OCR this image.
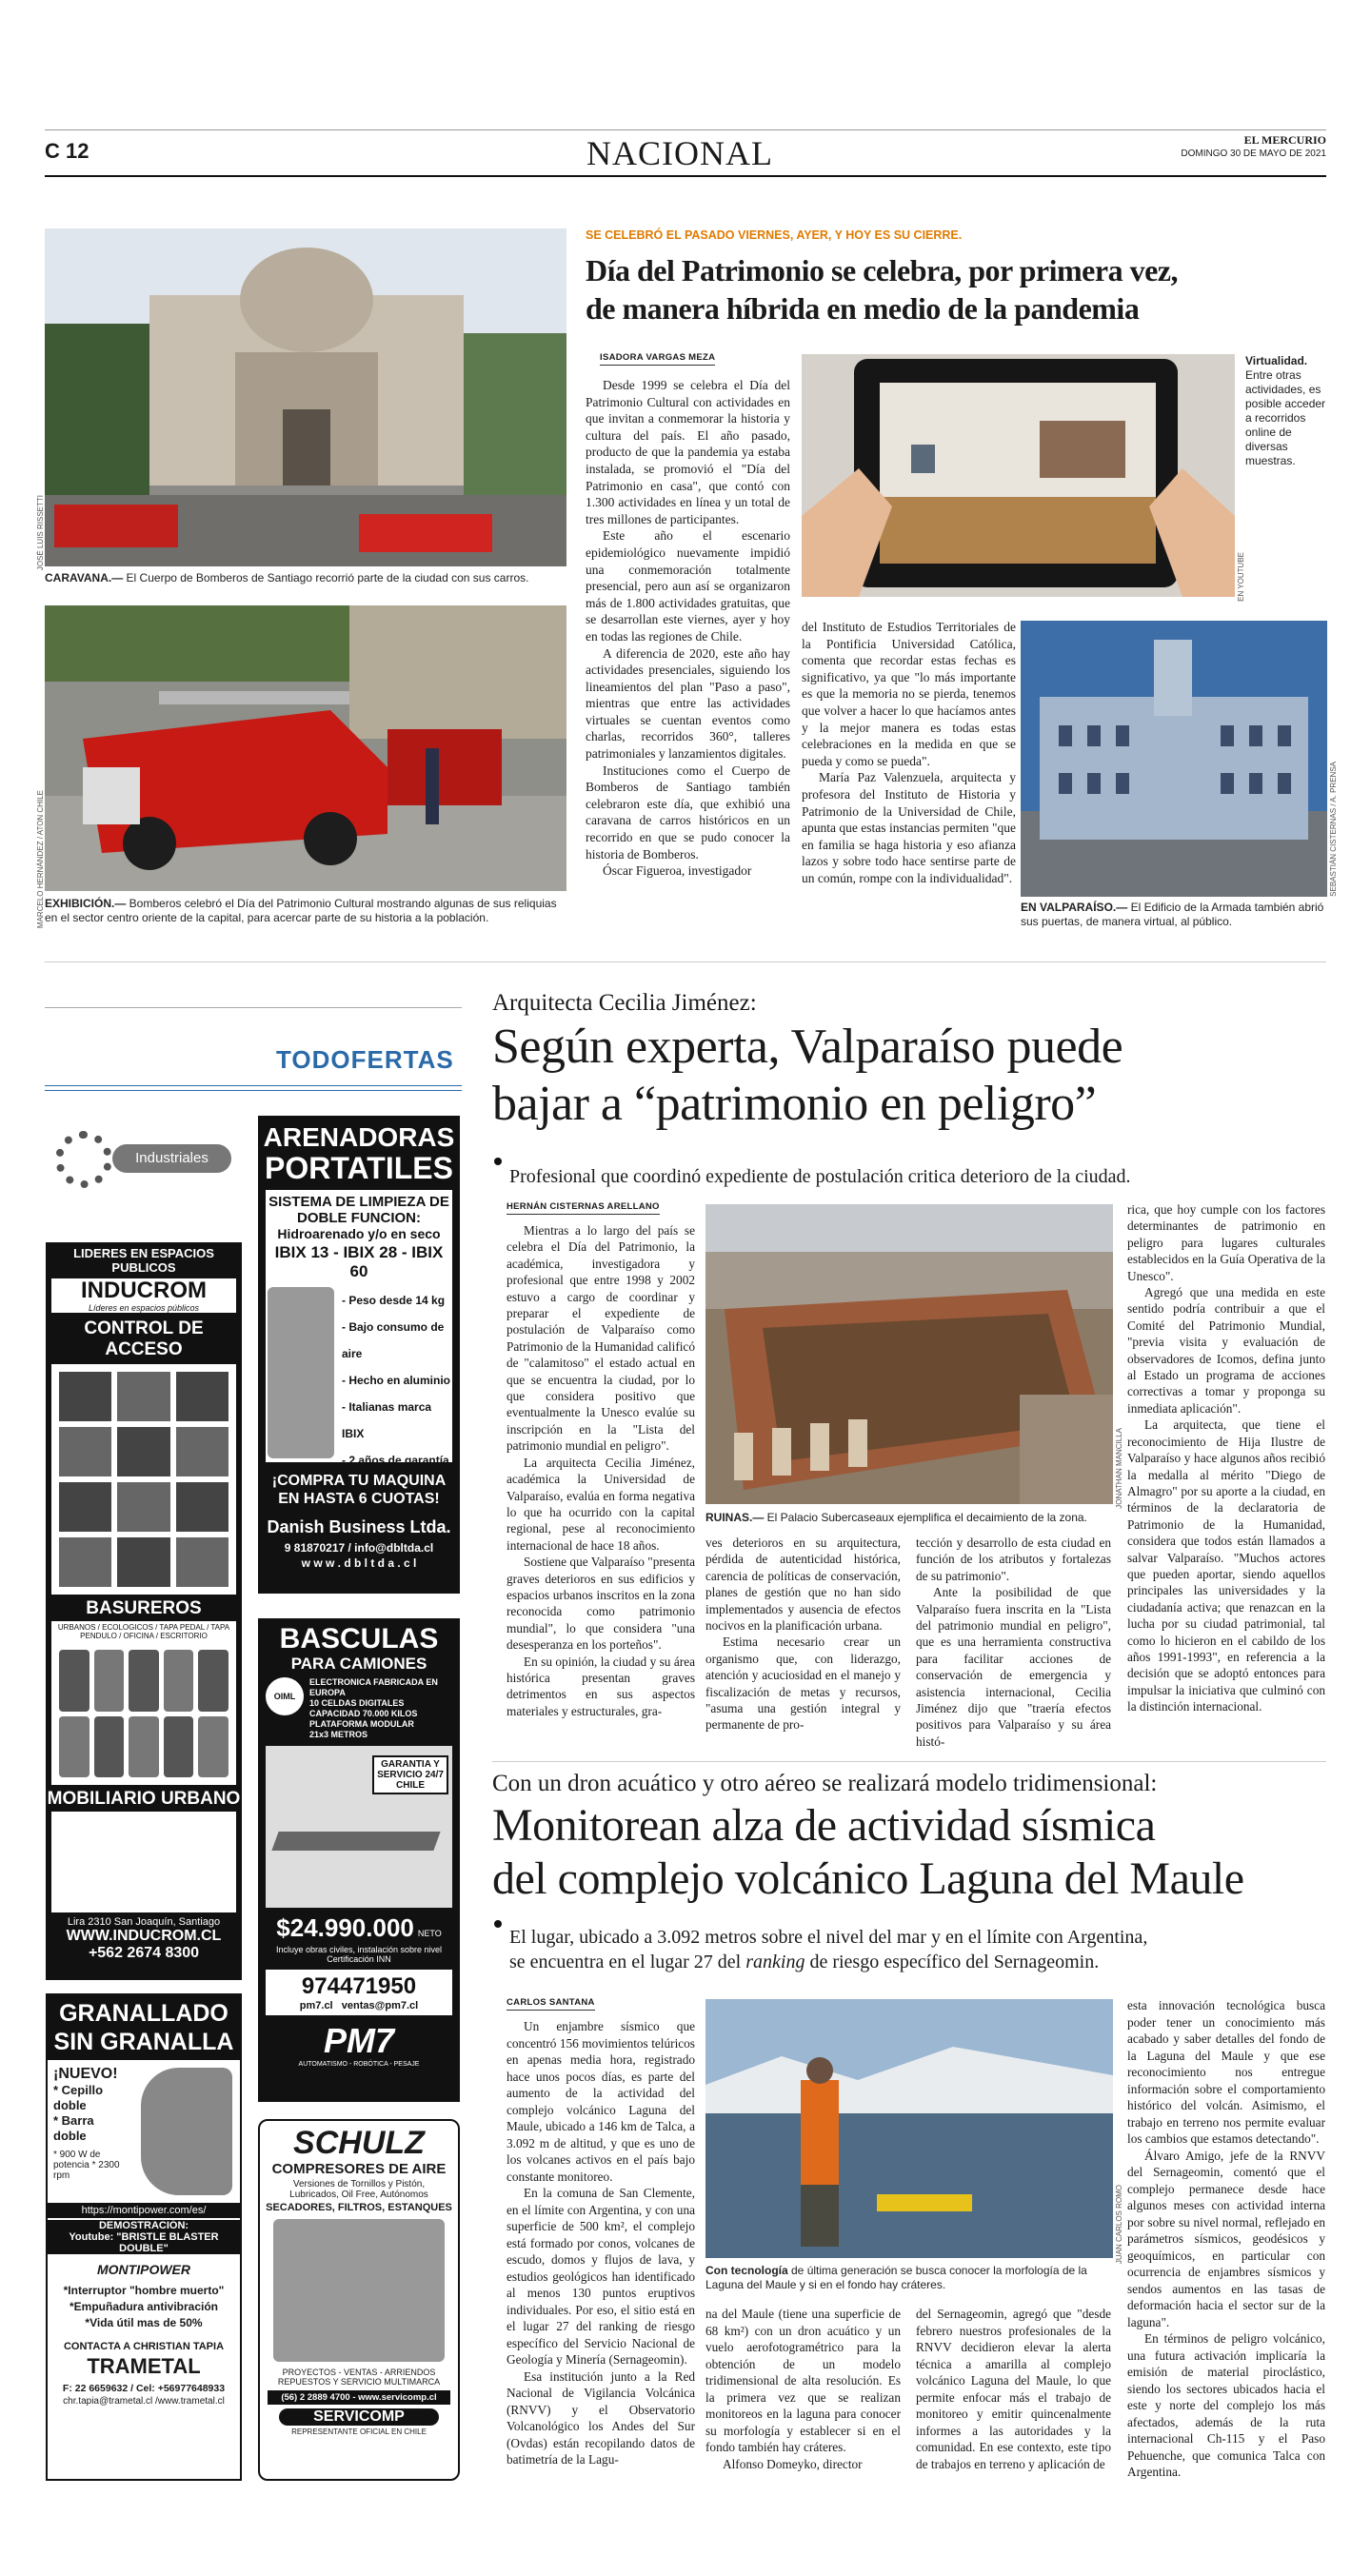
C 12	NACIONAL	EL MERCURIO
DOMINGO 30 DE MAYO DE 2021
JOSÉ LUIS RISSETTI
CARAVANA.— El Cuerpo de Bomberos de Santiago recorrió parte de la ciudad con sus carros.
MARCELO HERNÁNDEZ / ATON CHILE EXHIBICIÓN.— Bomberos celebró el Día del Patrimonio Cultural mostrando algunas de sus reliquias en el sector centro oriente de la capital, para acercar parte de su historia a la población.
SE CELEBRÓ EL PASADO VIERNES, AYER, Y HOY ES SU CIERRE.
Día del Patrimonio se celebra, por primera vez,
de manera híbrida en medio de la pandemia
ISADORA VARGAS MEZA

Desde 1999 se celebra el Día del Patrimonio Cultural con actividades en que invitan a conmemorar la historia y cultura del país. El año pasado, producto de que la pandemia ya estaba instalada, se promovió el "Día del Patrimonio en casa", que contó con 1.300 actividades en línea y un total de tres millones de participantes.

Este año el escenario epidemiológico nuevamente impidió una conmemoración totalmente presencial, pero aun así se organizaron más de 1.800 actividades gratuitas, que se desarrollan este viernes, ayer y hoy en todas las regiones de Chile.

A diferencia de 2020, este año hay actividades presenciales, siguiendo los lineamientos del plan "Paso a paso", mientras que entre las actividades virtuales se cuentan eventos como charlas, recorridos 360°, talleres patrimoniales y lanzamientos digitales.

Instituciones como el Cuerpo de Bomberos de Santiago también celebraron este día, que exhibió una caravana de carros históricos en un recorrido en que se pudo conocer la historia de Bomberos.

Óscar Figueroa, investigador

EN YOUTUBE
Virtualidad. Entre otras actividades, es posible acceder a recorridos online de diversas muestras.

del Instituto de Estudios Territoriales de la Pontificia Universidad Católica, comenta que recordar estas fechas es significativo, ya que "lo más importante es que la memoria no se pierda, tenemos que volver a hacer lo que hacíamos antes y la mejor manera es todas estas celebraciones en la medida en que se pueda y como se pueda".

María Paz Valenzuela, arquitecta y profesora del Instituto de Historia y Patrimonio de la Universidad de Chile, apunta que estas instancias permiten "que en familia se haga historia y eso afianza lazos y sobre todo hace sentirse parte de un común, rompe con la individualidad".	SEBASTIÁN CISTERNAS / A. PRENSA
EN VALPARAÍSO.— El Edificio de la Armada también abrió sus puertas, de manera virtual, al público.
TODOFERTAS
Industriales
LIDERES EN ESPACIOS PUBLICOS
INDUCROM
Líderes en espacios públicos
CONTROL DE ACCESO
BASUREROS
URBANOS / ECOLOGICOS / TAPA PEDAL / TAPA PENDULO / OFICINA / ESCRITORIO
MOBILIARIO URBANO
Lira 2310 San Joaquín, Santiago
WWW.INDUCROM.CL
+562 2674 8300
ARENADORAS
PORTATILES
SISTEMA DE LIMPIEZA DE DOBLE FUNCION:
Hidroarenado y/o en seco
IBIX 13 - IBIX 28 - IBIX 60
- Peso desde 14 kg
- Bajo consumo de aire
- Hecho en aluminio
- Italianas marca IBIX
- 2 años de garantía
¡COMPRA TU MAQUINA EN HASTA 6 CUOTAS!
Danish Business Ltda.
9 81870217 / info@dbltda.cl
w w w . d b l t d a . c l
BASCULAS
PARA CAMIONES
OIML
ELECTRONICA FABRICADA EN EUROPA
10 CELDAS DIGITALES
CAPACIDAD 70.000 KILOS
PLATAFORMA MODULAR
21x3 METROS
GARANTIA Y SERVICIO 24/7 CHILE
$24.990.000 NETO
Incluye obras civiles, instalación sobre nivel Certificación INN
974471950
pm7.cl ventas@pm7.cl
PM7
AUTOMATISMO - ROBÓTICA - PESAJE
GRANALLADO
SIN GRANALLA
¡NUEVO!
* Cepillo doble
* Barra doble
* 900 W de potencia * 2300 rpm
https://montipower.com/es/
DEMOSTRACIÓN:
Youtube: "BRISTLE BLASTER DOUBLE"
MONTIPOWER
*Interruptor "hombre muerto"
*Empuñadura antivibración
*Vida útil mas de 50%
CONTACTA A CHRISTIAN TAPIA
TRAMETAL
F: 22 6659632 / Cel: +56977648933
chr.tapia@trametal.cl /www.trametal.cl
SCHULZ
COMPRESORES DE AIRE
Versiones de Tornillos y Pistón, Lubricados, Oil Free, Autónomos
SECADORES, FILTROS, ESTANQUES
PROYECTOS - VENTAS - ARRIENDOS REPUESTOS Y SERVICIO MULTIMARCA
(56) 2 2889 4700 - www.servicomp.cl
SERVICOMP
REPRESENTANTE OFICIAL EN CHILE
Arquitecta Cecilia Jiménez:
Según experta, Valparaíso puede
bajar a “patrimonio en peligro”
Profesional que coordinó expediente de postulación critica deterioro de la ciudad.
HERNÁN CISTERNAS ARELLANO

Mientras a lo largo del país se celebra el Día del Patrimonio, la académica, investigadora y profesional que entre 1998 y 2002 estuvo a cargo de coordinar y preparar el expediente de postulación de Valparaíso como Patrimonio de la Humanidad calificó de "calamitoso" el estado actual en que se encuentra la ciudad, por lo que considera positivo que eventualmente la Unesco evalúe su inscripción en la "Lista del patrimonio mundial en peligro".

La arquitecta Cecilia Jiménez, académica la Universidad de Valparaíso, evalúa en forma negativa lo que ha ocurrido con la capital regional, pese al reconocimiento internacional de hace 18 años.

Sostiene que Valparaíso "presenta graves deterioros en sus edificios y espacios urbanos inscritos en la zona reconocida como patrimonio mundial", lo que considera "una desesperanza en los porteños".

En su opinión, la ciudad y su área histórica presentan graves detrimentos en sus aspectos materiales y estructurales, gra-

JONATHAN MANCILLA
RUINAS.— El Palacio Subercaseaux ejemplifica el decaimiento de la zona.

ves deterioros en su arquitectura, pérdida de autenticidad histórica, carencia de políticas de conservación, planes de gestión que no han sido implementados y ausencia de efectos nocivos en la planificación urbana.

Estima necesario crear un organismo que, con liderazgo, atención y acuciosidad en el manejo y fiscalización de metas y recursos, "asuma una gestión integral y permanente de pro-

tección y desarrollo de esta ciudad en función de los atributos y fortalezas de su patrimonio".

Ante la posibilidad de que Valparaíso fuera inscrita en la "Lista del patrimonio mundial en peligro", que es una herramienta constructiva para facilitar acciones de conservación de emergencia y asistencia internacional, Cecilia Jiménez dijo que "traería efectos positivos para Valparaíso y su área histó-

rica, que hoy cumple con los factores determinantes de patrimonio en peligro para lugares culturales establecidos en la Guía Operativa de la Unesco".

Agregó que una medida en este sentido podría contribuir a que el Comité del Patrimonio Mundial, "previa visita y evaluación de observadores de Icomos, defina junto al Estado un programa de acciones correctivas a tomar y proponga su inmediata aplicación".

La arquitecta, que tiene el reconocimiento de Hija Ilustre de Valparaíso y hace algunos años recibió la medalla al mérito "Diego de Almagro" por su aporte a la ciudad, en términos de la declaratoria de Patrimonio de la Humanidad, considera que todos están llamados a salvar Valparaíso. "Muchos actores que pueden aportar, siendo aquellos principales las universidades y la ciudadanía activa; que renazcan en la lucha por su ciudad patrimonial, tal como lo hicieron en el cabildo de los años 1991-1993", en referencia a la decisión que se adoptó entonces para impulsar la iniciativa que culminó con la distinción internacional.

Con un dron acuático y otro aéreo se realizará modelo tridimensional:
Monitorean alza de actividad sísmica
del complejo volcánico Laguna del Maule
El lugar, ubicado a 3.092 metros sobre el nivel del mar y en el límite con Argentina,
se encuentra en el lugar 27 del ranking de riesgo específico del Sernageomin.
CARLOS SANTANA

Un enjambre sísmico que concentró 156 movimientos telúricos en apenas media hora, registrado hace unos pocos días, es parte del aumento de la actividad del complejo volcánico Laguna del Maule, ubicado a 146 km de Talca, a 3.092 m de altitud, y que es uno de los volcanes activos en el país bajo constante monitoreo.

En la comuna de San Clemente, en el límite con Argentina, y con una superficie de 500 km², el complejo está formado por conos, volcanes de escudo, domos y flujos de lava, y estudios geológicos han identificado al menos 130 puntos eruptivos individuales. Por eso, el sitio está en el lugar 27 del ranking de riesgo específico del Servicio Nacional de Geología y Minería (Sernageomin).

Esa institución junto a la Red Nacional de Vigilancia Volcánica (RNVV) y el Observatorio Volcanológico los Andes del Sur (Ovdas) están recopilando datos de batimetría de la Lagu-

JUAN CARLOS ROMO
Con tecnología de última generación se busca conocer la morfología de la Laguna del Maule y si en el fondo hay cráteres.

na del Maule (tiene una superficie de 68 km²) con un dron acuático y un vuelo aerofotogramétrico para la obtención de un modelo tridimensional de alta resolución. Es la primera vez que se realizan monitoreos en la laguna para conocer su morfología y establecer si en el fondo también hay cráteres.

Alfonso Domeyko, director

del Sernageomin, agregó que "desde febrero nuestros profesionales de la RNVV decidieron elevar la alerta técnica a amarilla al complejo volcánico Laguna del Maule, lo que permite enfocar más el trabajo de monitoreo y emitir quincenalmente informes a las autoridades y la comunidad. En ese contexto, este tipo de trabajos en terreno y aplicación de

esta innovación tecnológica busca poder tener un conocimiento más acabado y saber detalles del fondo de la Laguna del Maule y que ese reconocimiento nos entregue información sobre el comportamiento histórico del volcán. Asimismo, el trabajo en terreno nos permite evaluar los cambios que estamos detectando".

Álvaro Amigo, jefe de la RNVV del Sernageomin, comentó que el complejo permanece desde hace algunos meses con actividad interna por sobre su nivel normal, reflejado en parámetros sísmicos, geodésicos y geoquímicos, en particular con ocurrencia de enjambres sísmicos y sendos aumentos en las tasas de deformación hacia el sector sur de la laguna".

En términos de peligro volcánico, una futura activación implicaría la emisión de material piroclástico, siendo los sectores ubicados hacia el este y norte del complejo los más afectados, además de la ruta internacional Ch-115 y el Paso Pehuenche, que comunica Talca con Argentina.
